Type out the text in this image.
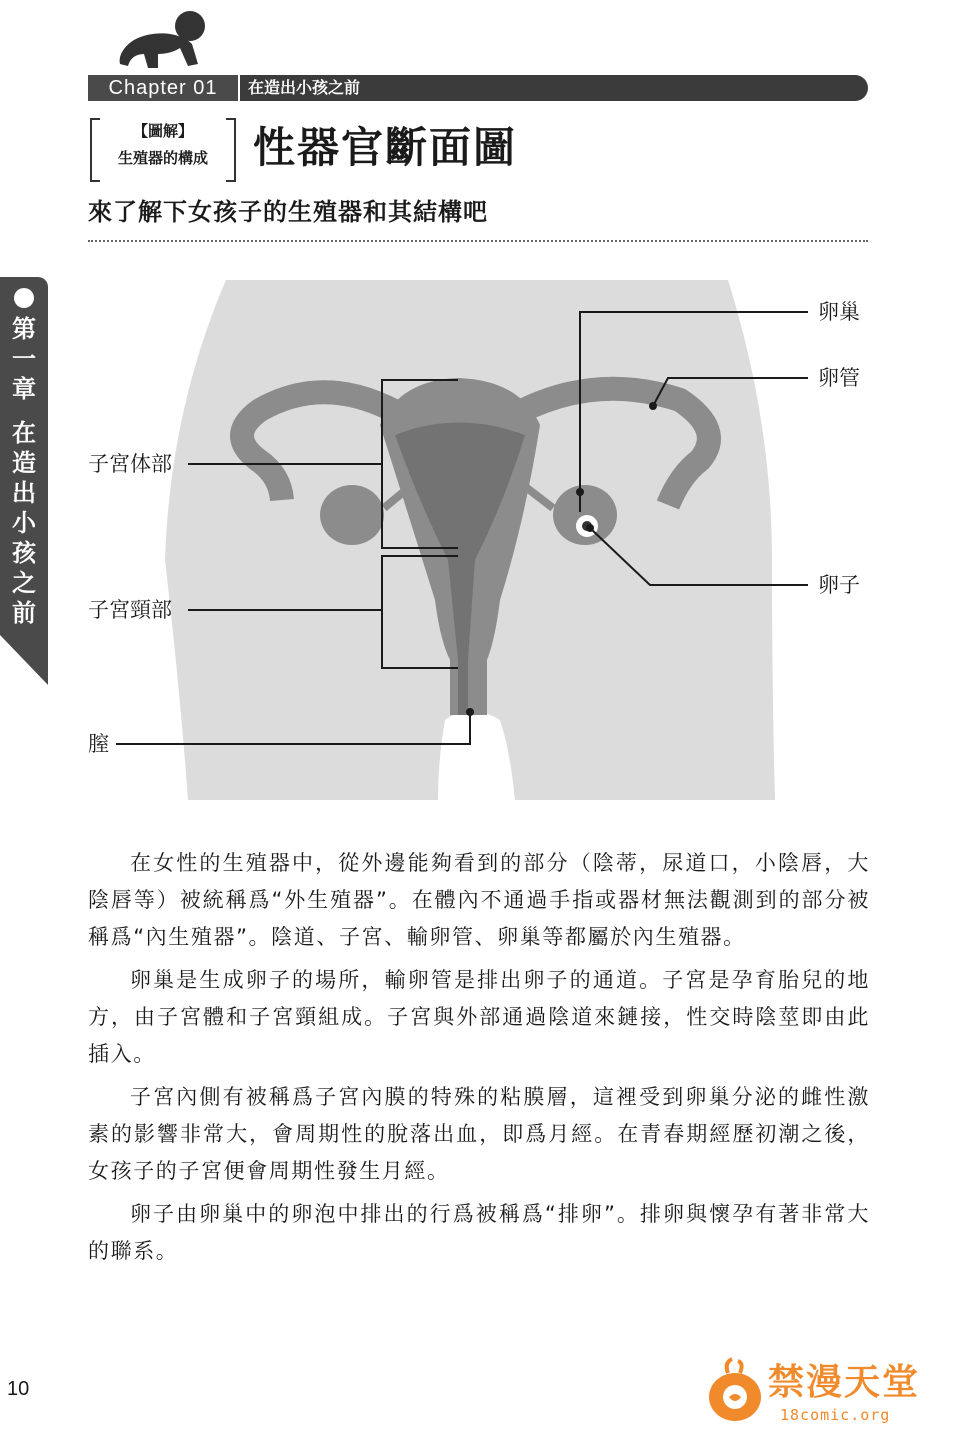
Chapter 01	在造出小孩之前
【圖解】
生殖器的構成	性器官斷面圖
來了解下女孩子的生殖器和其結構吧
第一章
在造出小孩之前
卵巢
卵管
子宮体部
卵子
子宮頸部
膣

在女性的生殖器中，從外邊能夠看到的部分（陰蒂，尿道口，小陰唇，大陰唇等）被統稱爲“外生殖器”。在體內不通過手指或器材無法觀測到的部分被稱爲“內生殖器”。陰道、子宮、輸卵管、卵巢等都屬於內生殖器。

卵巢是生成卵子的場所，輸卵管是排出卵子的通道。子宮是孕育胎兒的地方，由子宮體和子宮頸組成。子宮與外部通過陰道來鏈接，性交時陰莖即由此插入。

子宮內側有被稱爲子宮內膜的特殊的粘膜層，這裡受到卵巢分泌的雌性激素的影響非常大，會周期性的脫落出血，即爲月經。在青春期經歷初潮之後，女孩子的子宮便會周期性發生月經。

卵子由卵巢中的卵泡中排出的行爲被稱爲“排卵”。排卵與懷孕有著非常大的聯系。

10	禁漫天堂
18comic.org
